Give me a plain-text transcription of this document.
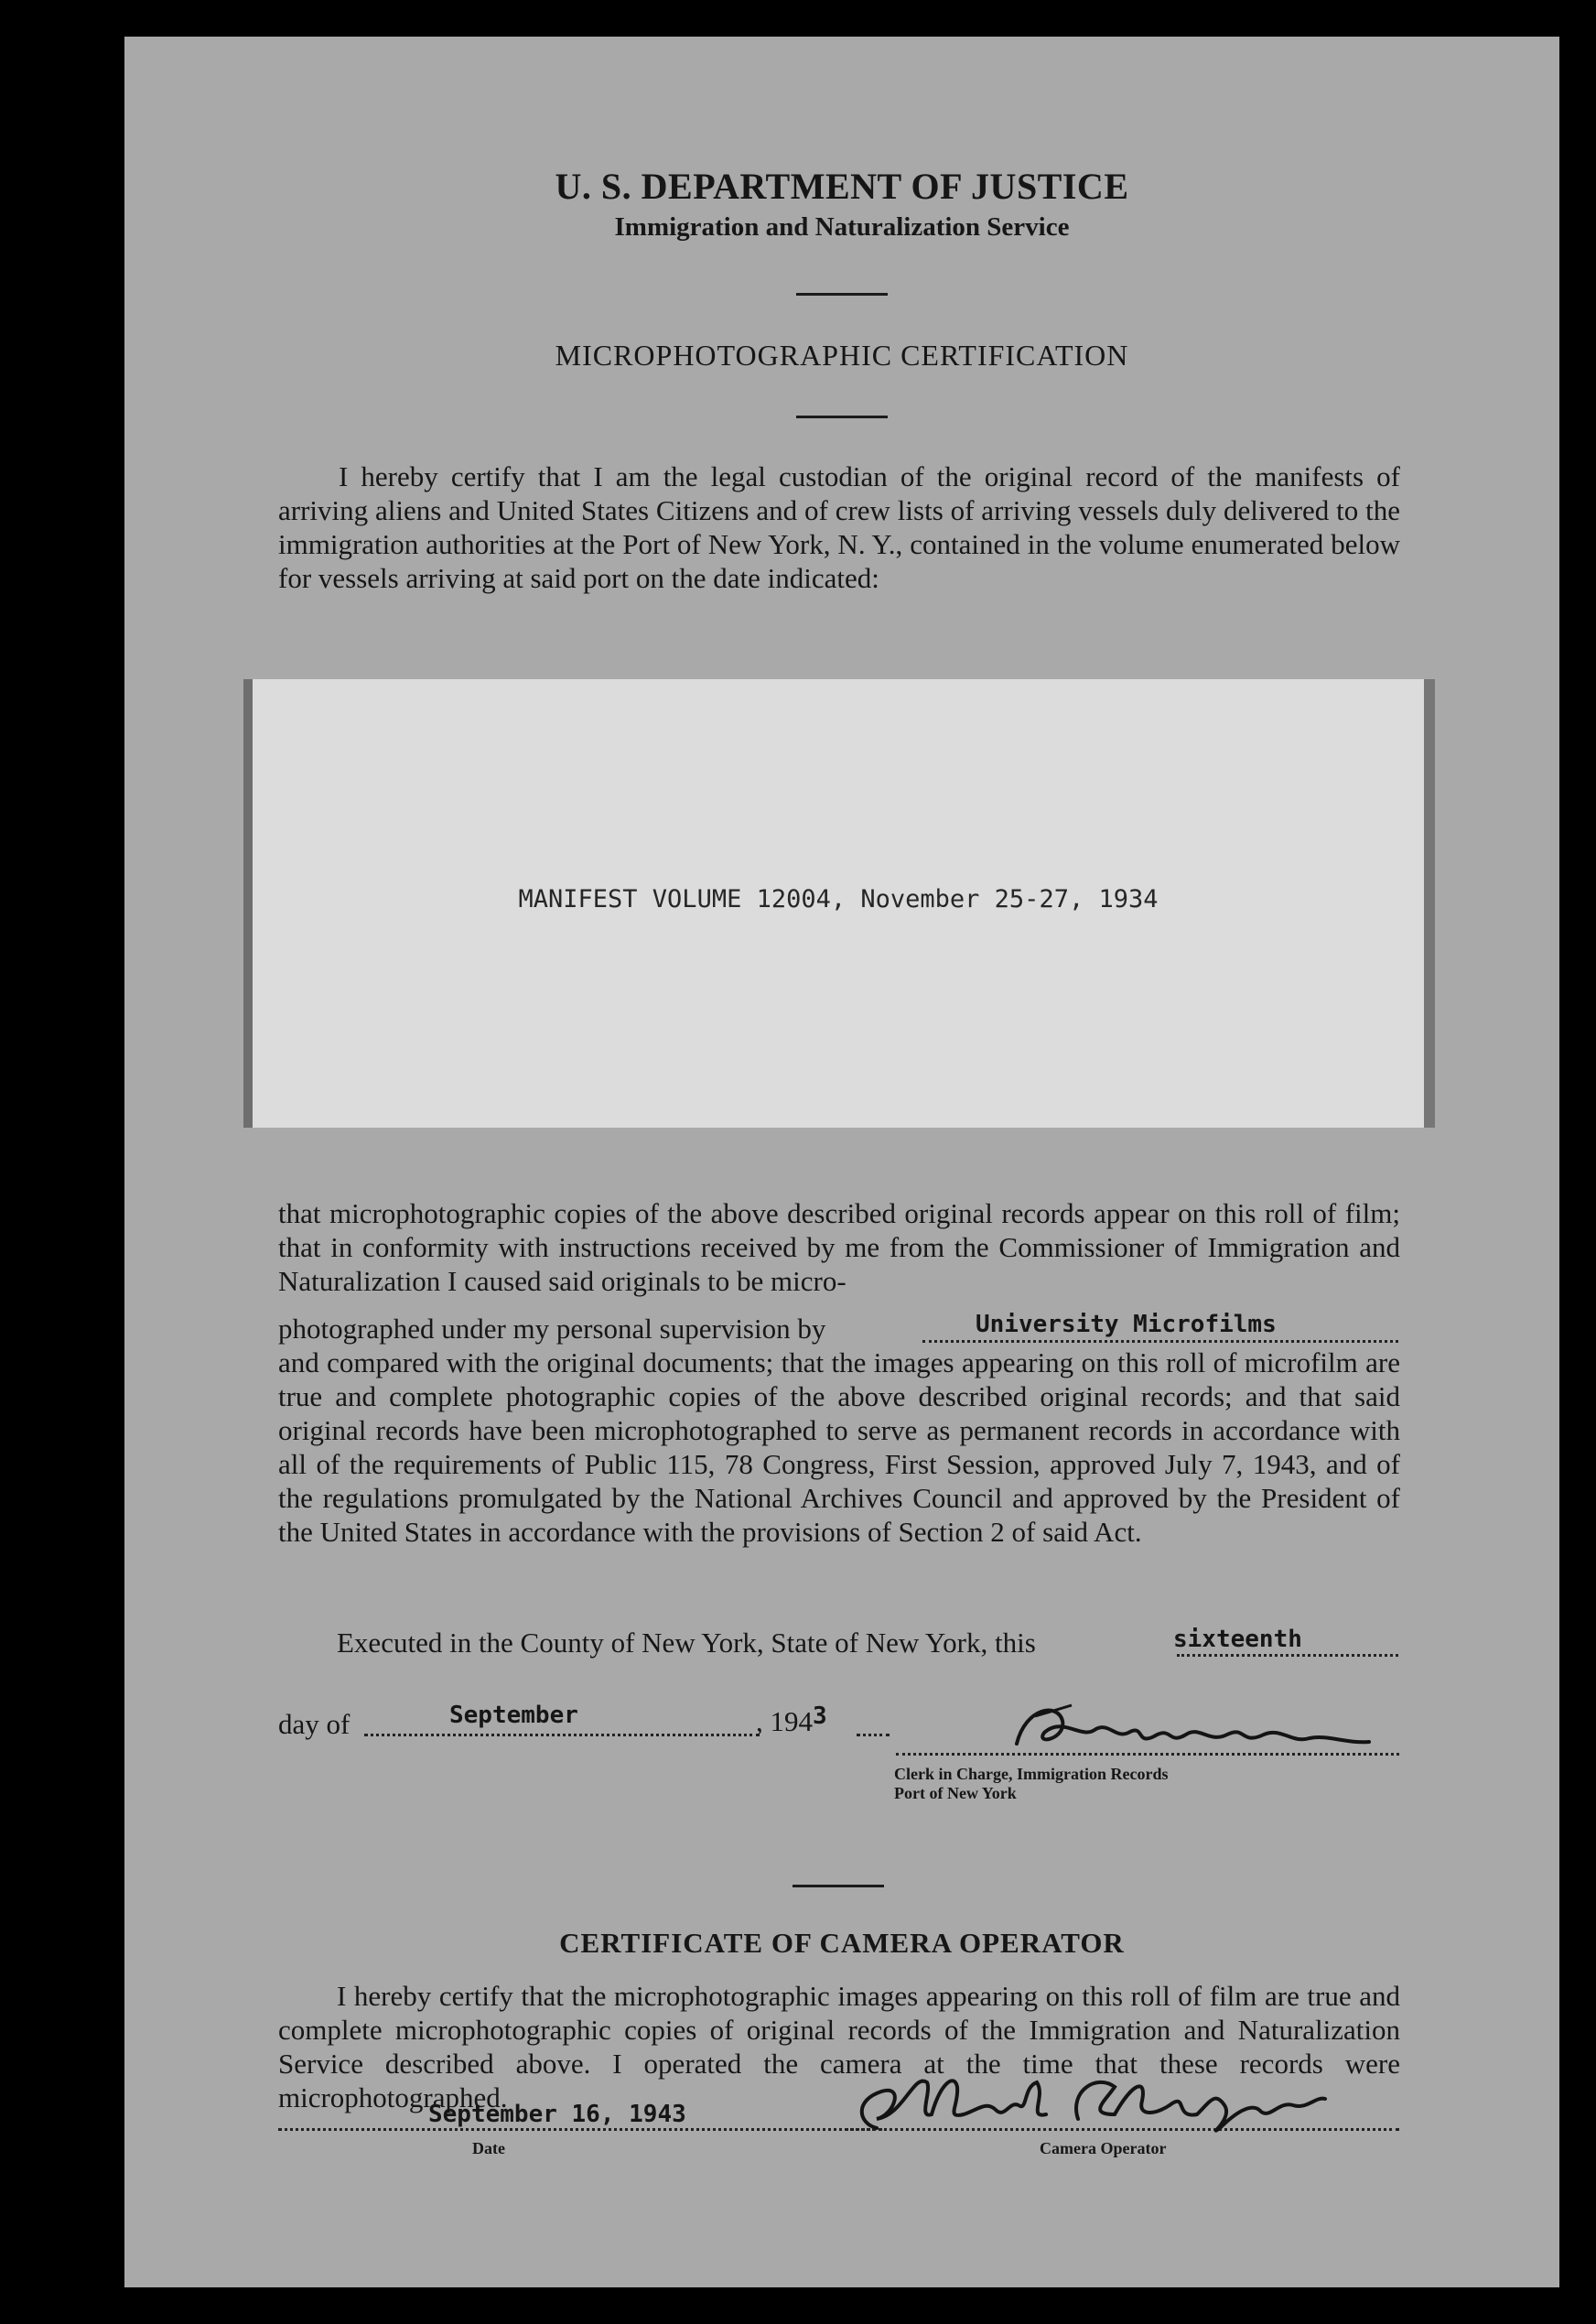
U. S. DEPARTMENT OF JUSTICE
Immigration and Naturalization Service
MICROPHOTOGRAPHIC CERTIFICATION

I hereby certify that I am the legal custodian of the original record of the manifests of arriving aliens and United States Citizens and of crew lists of arriving vessels duly delivered to the immigration authorities at the Port of New York, N. Y., contained in the volume enumerated below for vessels arriving at said port on the date indicated:

MANIFEST VOLUME 12004, November 25-27, 1934

that microphotographic copies of the above described original records appear on this roll of film; that in conformity with instructions received by me from the Commissioner of Immigration and Naturalization I caused said originals to be micro-

photographed under my personal supervision by	University Microfilms

and compared with the original documents; that the images appearing on this roll of microfilm are true and complete photographic copies of the above described original records; and that said original records have been microphotographed to serve as permanent records in accordance with all of the requirements of Public 115, 78 Congress, First Session, approved July 7, 1943, and of the regulations promulgated by the National Archives Council and approved by the President of the United States in accordance with the provisions of Section 2 of said Act.

Executed in the County of New York, State of New York, this	sixteenth
day of	September	, $194^3$
Clerk in Charge, Immigration Records
Port of New York
CERTIFICATE OF CAMERA OPERATOR

I hereby certify that the microphotographic images appearing on this roll of film are true and complete microphotographic copies of original records of the Immigration and Naturalization Service described above. I operated the camera at the time that these records were microphotographed.

September 16, 1943
Date	Camera Operator
